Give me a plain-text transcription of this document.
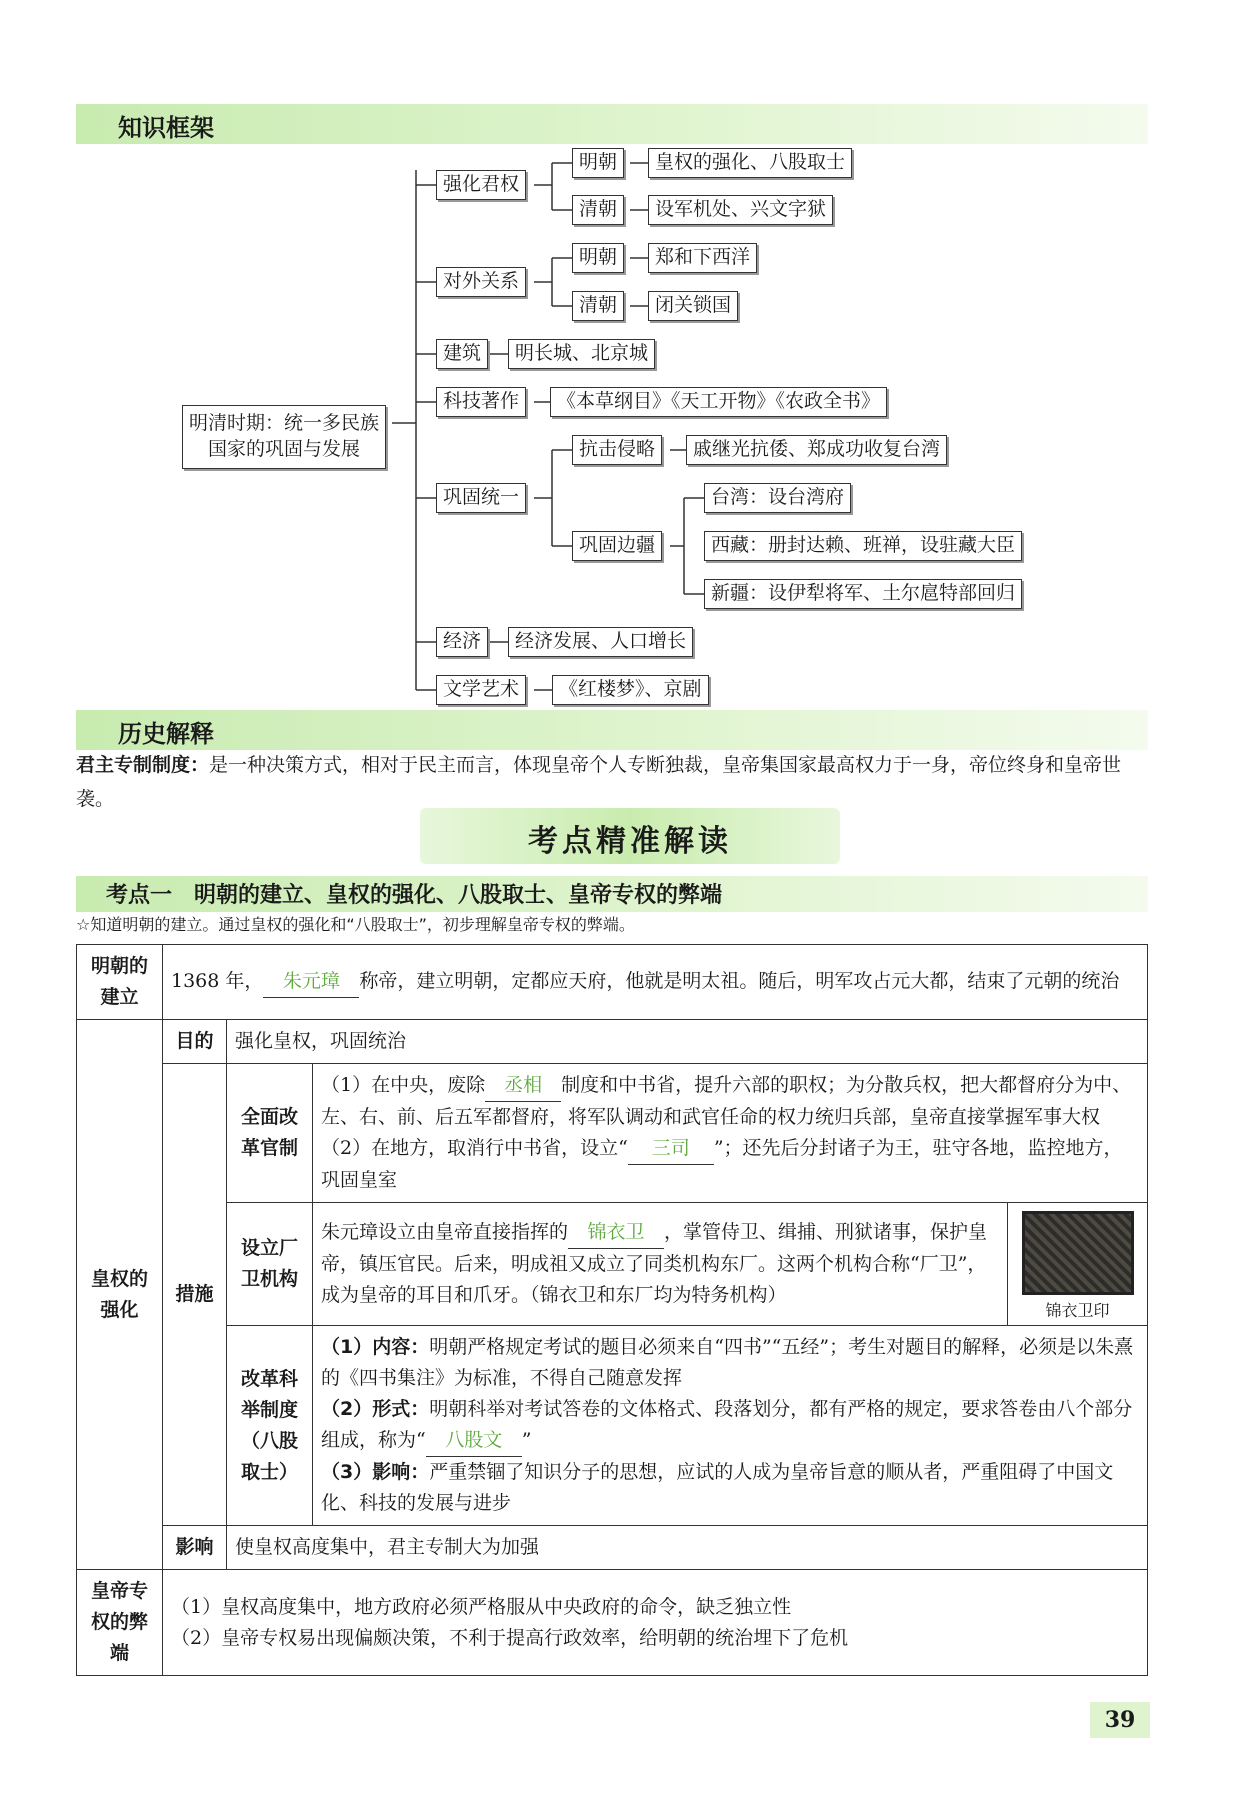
知识框架
明清时期：统一多民族
国家的巩固与发展
强化君权
明朝	皇权的强化、八股取士
清朝	设军机处、兴文字狱
对外关系
明朝	郑和下西洋
清朝	闭关锁国
建筑	明长城、北京城
科技著作	《本草纲目》《天工开物》《农政全书》
巩固统一
抗击侵略	戚继光抗倭、郑成功收复台湾
巩固边疆
台湾：设台湾府
西藏：册封达赖、班禅，设驻藏大臣
新疆：设伊犁将军、土尔扈特部回归
经济	经济发展、人口增长
文学艺术	《红楼梦》、京剧
历史解释
君主专制制度：是一种决策方式，相对于民主而言，体现皇帝个人专断独裁，皇帝集国家最高权力于一身，帝位终身和皇帝世袭。
考点精准解读
考点一　明朝的建立、皇权的强化、八股取士、皇帝专权的弊端
☆知道明朝的建立。通过皇权的强化和“八股取士”，初步理解皇帝专权的弊端。
明朝的建立	1368 年， 朱元璋 称帝，建立明朝，定都应天府，他就是明太祖。随后，明军攻占元大都，结束了元朝的统治			
皇权的强化	目的	强化皇权，巩固统治		
	措施	全面改革官制	（1）在中央，废除 丞相 制度和中书省，提升六部的职权；为分散兵权，把大都督府分为中、左、右、前、后五军都督府，将军队调动和武官任命的权力统归兵部，皇帝直接掌握军事大权
（2）在地方，取消行中书省，设立“ 三司 ”；还先后分封诸子为王，驻守各地，监控地方，巩固皇室	

		设立厂卫机构	朱元璋设立由皇帝直接指挥的 锦衣卫 ，掌管侍卫、缉捕、刑狱诸事，保护皇帝，镇压官民。后来，明成祖又成立了同类机构东厂。这两个机构合称“厂卫”，成为皇帝的耳目和爪牙。（锦衣卫和东厂均为特务机构）	锦衣卫印

		改革科举制度（八股取士）	（1）内容：明朝严格规定考试的题目必须来自“四书”“五经”；考生对题目的解释，必须是以朱熹的《四书集注》为标准，不得自己随意发挥
（2）形式：明朝科举对考试答卷的文体格式、段落划分，都有严格的规定，要求答卷由八个部分组成，称为“ 八股文 ”
（3）影响：严重禁锢了知识分子的思想，应试的人成为皇帝旨意的顺从者，严重阻碍了中国文化、科技的发展与进步	

	影响	使皇权高度集中，君主专制大为加强		
皇帝专权的弊端	（1）皇权高度集中，地方政府必须严格服从中央政府的命令，缺乏独立性
（2）皇帝专权易出现偏颇决策，不利于提高行政效率，给明朝的统治埋下了危机			
39
